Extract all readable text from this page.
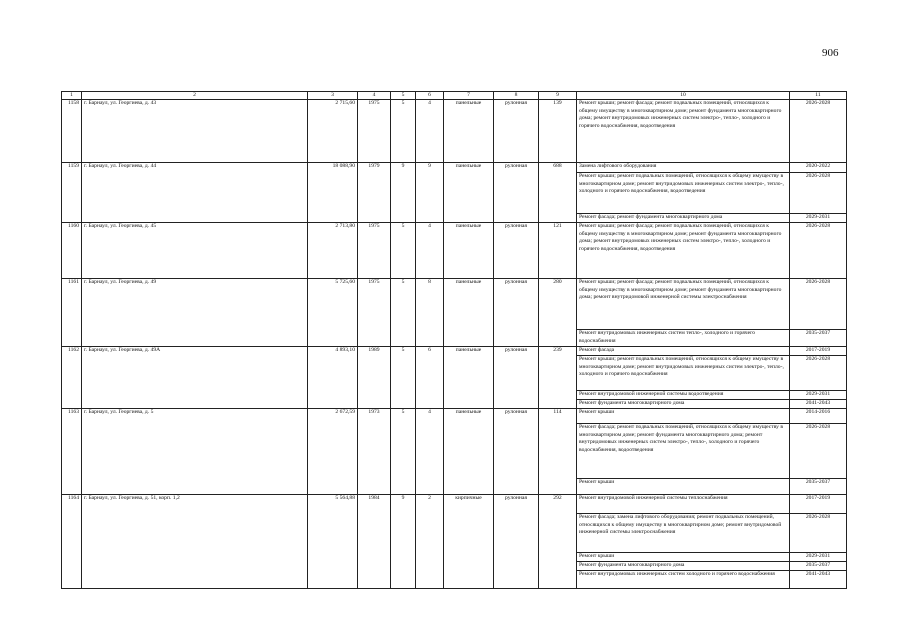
906
1	2	3	4	5	6	7	8	9	10	11
1158	г. Барнаул, ул. Георгиева, д. 43	2 715,60	1975	5	4	панельные	рулонная	139	Ремонт крыши; ремонт фасада; ремонт подвальных помещений, относящихся к общему имуществу в многоквартирном доме; ремонт фундамента многоквартирного дома; ремонт внутридомовых инженерных систем электро-, тепло-, холодного и горячего водоснабжения, водоотведения	2026-2028
1159	г. Барнаул, ул. Георгиева, д. 44	18 088,90	1979	9	9	панельные	рулонная	688	Замена лифтового оборудования	2020-2022
									Ремонт крыши; ремонт подвальных помещений, относящихся к общему имуществу в многоквартирном доме; ремонт внутридомовых инженерных систем электро-, тепло-, холодного и горячего водоснабжения, водоотведения	2026-2028
									Ремонт фасада; ремонт фундамента многоквартирного дома	2029-2031
1160	г. Барнаул, ул. Георгиева, д. 45	2 713,80	1975	5	4	панельные	рулонная	121	Ремонт крыши; ремонт фасада; ремонт подвальных помещений, относящихся к общему имуществу в многоквартирном доме; ремонт фундамента многоквартирного дома; ремонт внутридомовых инженерных систем электро-, тепло-, холодного и горячего водоснабжения, водоотведения	2026-2028
1161	г. Барнаул, ул. Георгиева, д. 49	5 725,60	1975	5	8	панельные	рулонная	280	Ремонт крыши; ремонт фасада; ремонт подвальных помещений, относящихся к общему имуществу в многоквартирном доме; ремонт фундамента многоквартирного дома; ремонт внутридомовой инженерной системы электроснабжения	2026-2028
									Ремонт внутридомовых инженерных систем тепло-, холодного и горячего водоснабжения	2035-2037
1162	г. Барнаул, ул. Георгиева, д. 49А	4 893,10	1989	5	6	панельные	рулонная	239	Ремонт фасада	2017-2019
									Ремонт крыши; ремонт подвальных помещений, относящихся к общему имуществу в многоквартирном доме; ремонт внутридомовых инженерных систем электро-, тепло-, холодного и горячего водоснабжения	2026-2028
									Ремонт внутридомовой инженерной системы водоотведения	2029-2031
									Ремонт фундамента многоквартирного дома	2041-2043
1163	г. Барнаул, ул. Георгиева, д. 5	2 672,59	1973	5	4	панельные	рулонная	114	Ремонт крыши	2014-2016
									Ремонт фасада; ремонт подвальных помещений, относящихся к общему имуществу в многоквартирном доме; ремонт фундамента многоквартирного дома; ремонт внутридомовых инженерных систем электро-, тепло-, холодного и горячего водоснабжения, водоотведения	2026-2028
									Ремонт крыши	2035-2037
1164	г. Барнаул, ул. Георгиева, д. 51, корп. 1,2	5 564,88	1984	9	2	кирпичные	рулонная	292	Ремонт внутридомовой инженерной системы теплоснабжения	2017-2019
									Ремонт фасада; замена лифтового оборудования; ремонт подвальных помещений, относящихся к общему имуществу в многоквартирном доме; ремонт внутридомовой инженерной системы электроснабжения	2026-2028
									Ремонт крыши	2029-2031
									Ремонт фундамента многоквартирного дома	2035-2037
									Ремонт внутридомовых инженерных систем холодного и горячего водоснабжения	2041-2043
